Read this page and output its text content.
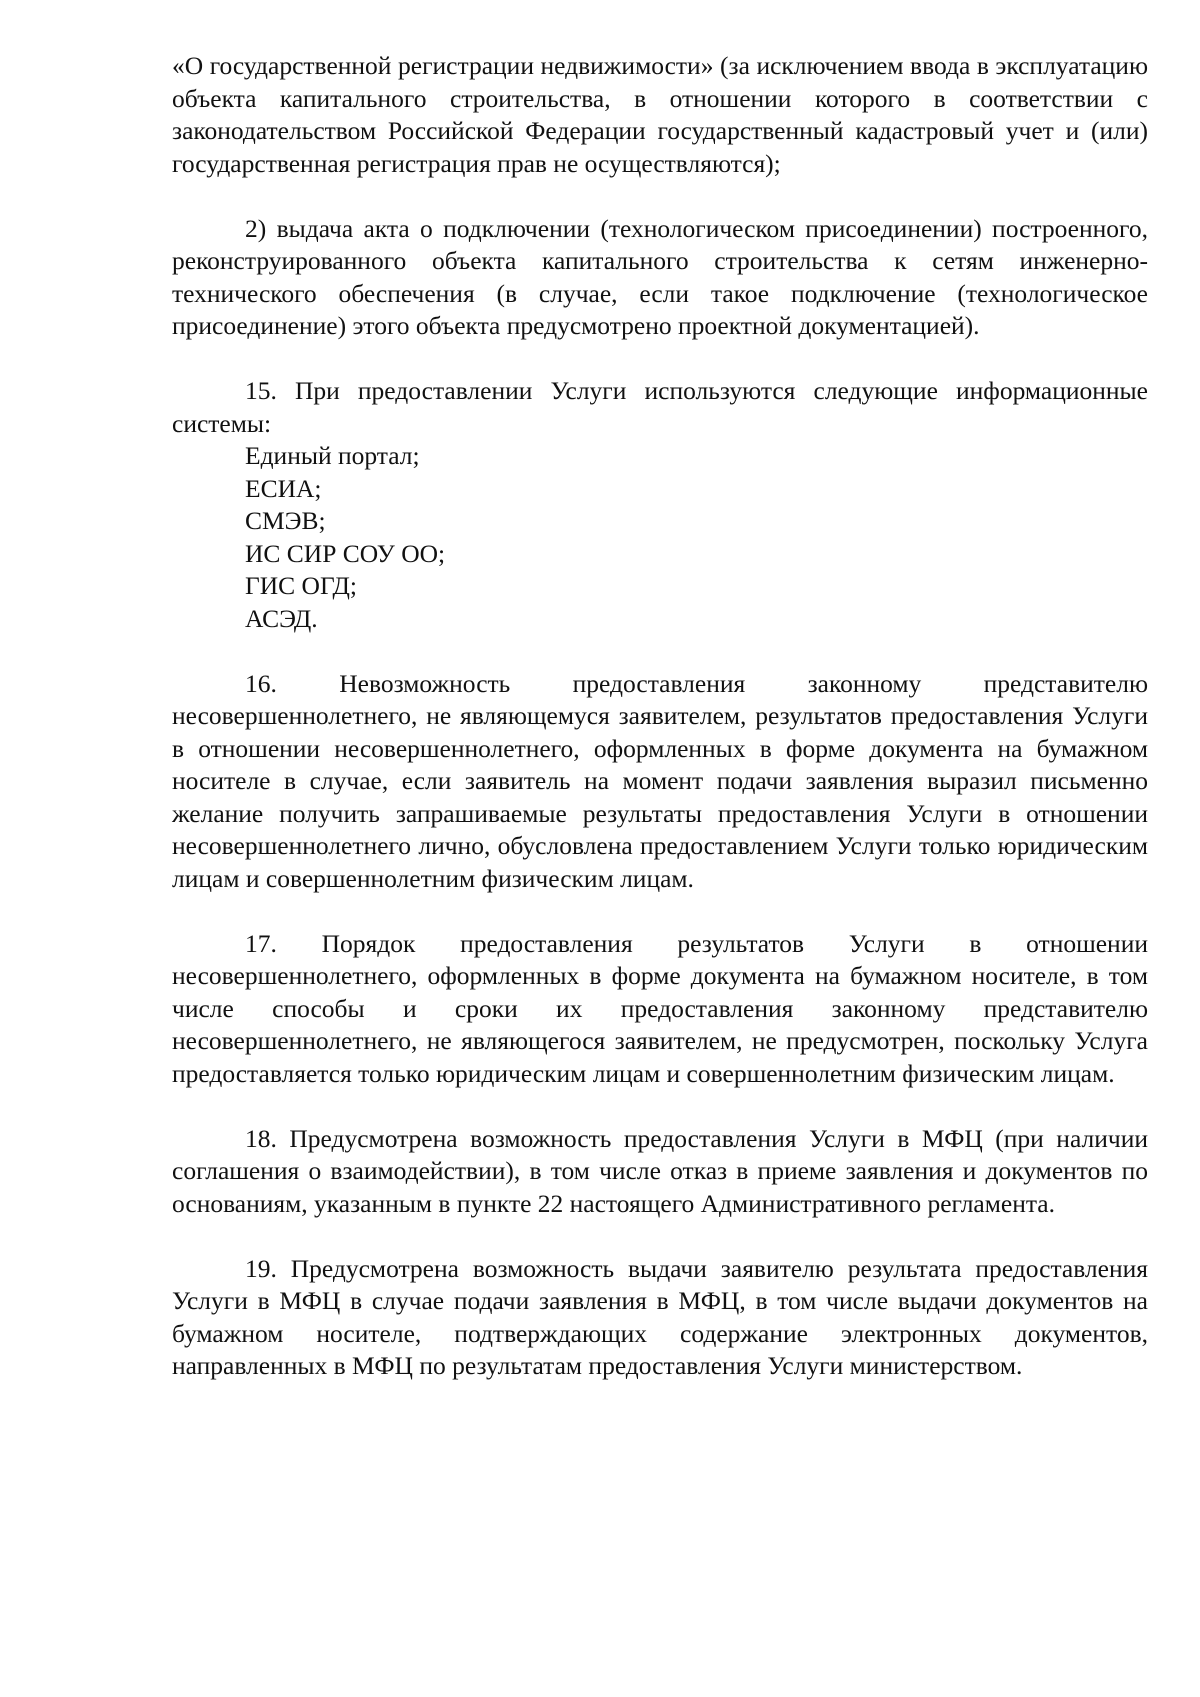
«О государственной регистрации недвижимости» (за исключением ввода в эксплуатацию объекта капитального строительства, в отношении которого в соответствии с законодательством Российской Федерации государственный кадастровый учет и (или) государственная регистрация прав не осуществляются);

2) выдача акта о подключении (технологическом присоединении) построенного, реконструированного объекта капитального строительства к сетям инженерно-технического обеспечения (в случае, если такое подключение (технологическое присоединение) этого объекта предусмотрено проектной документацией).

15. При предоставлении Услуги используются следующие информационные системы:

Единый портал;
ЕСИА;
СМЭВ;
ИС СИР СОУ ОО;
ГИС ОГД;
АСЭД.

16. Невозможность предоставления законному представителю несовершеннолетнего, не являющемуся заявителем, результатов предоставления Услуги в отношении несовершеннолетнего, оформленных в форме документа на бумажном носителе в случае, если заявитель на момент подачи заявления выразил письменно желание получить запрашиваемые результаты предоставления Услуги в отношении несовершеннолетнего лично, обусловлена предоставлением Услуги только юридическим лицам и совершеннолетним физическим лицам.

17. Порядок предоставления результатов Услуги в отношении несовершеннолетнего, оформленных в форме документа на бумажном носителе, в том числе способы и сроки их предоставления законному представителю несовершеннолетнего, не являющегося заявителем, не предусмотрен, поскольку Услуга предоставляется только юридическим лицам и совершеннолетним физическим лицам.

18. Предусмотрена возможность предоставления Услуги в МФЦ (при наличии соглашения о взаимодействии), в том числе отказ в приеме заявления и документов по основаниям, указанным в пункте 22 настоящего Административного регламента.

19. Предусмотрена возможность выдачи заявителю результата предоставления Услуги в МФЦ в случае подачи заявления в МФЦ, в том числе выдачи документов на бумажном носителе, подтверждающих содержание электронных документов, направленных в МФЦ по результатам предоставления Услуги министерством.
